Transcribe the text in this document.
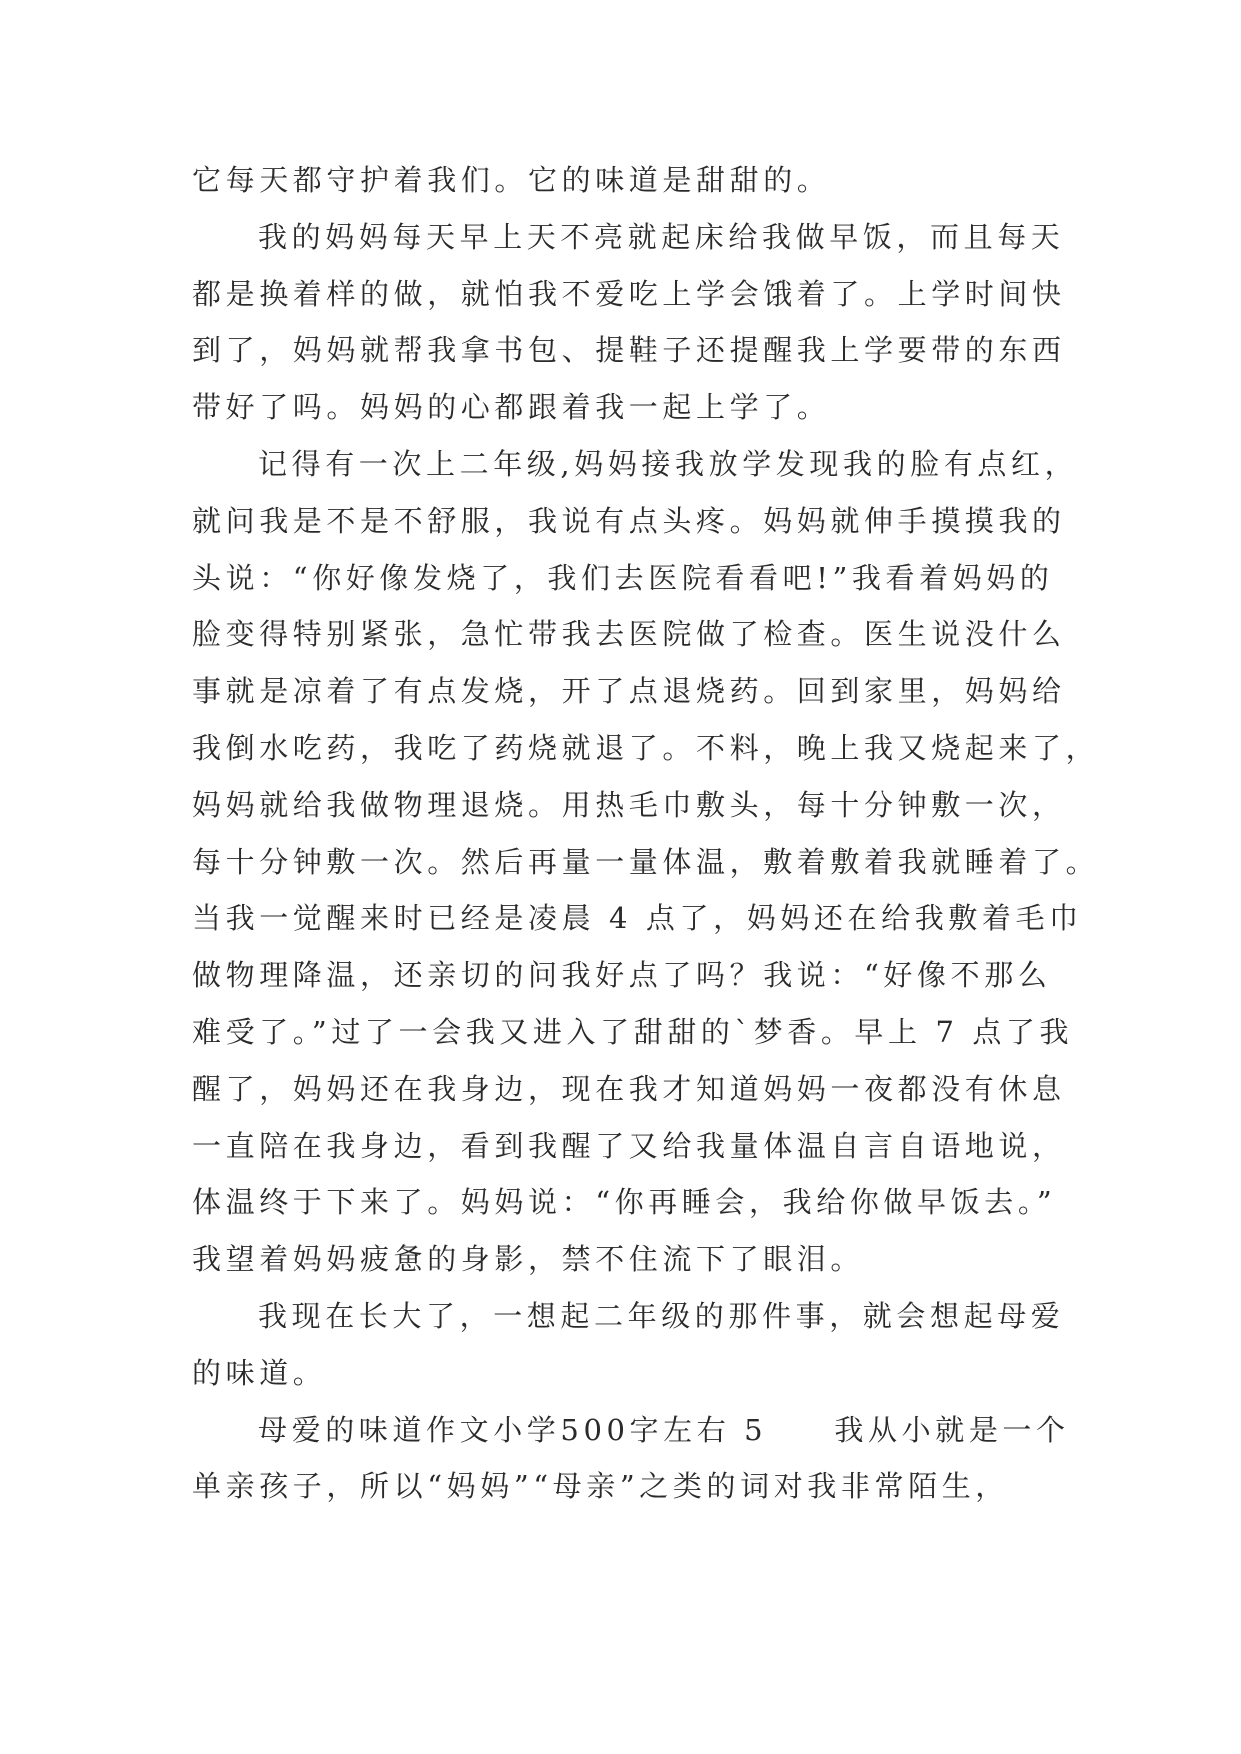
它每天都守护着我们。它的味道是甜甜的。
我的妈妈每天早上天不亮就起床给我做早饭，而且每天
都是换着样的做，就怕我不爱吃上学会饿着了。上学时间快
到了，妈妈就帮我拿书包、提鞋子还提醒我上学要带的东西
带好了吗。妈妈的心都跟着我一起上学了。
记得有一次上二年级,妈妈接我放学发现我的脸有点红，
就问我是不是不舒服，我说有点头疼。妈妈就伸手摸摸我的
头说：“你好像发烧了，我们去医院看看吧!”我看着妈妈的
脸变得特别紧张，急忙带我去医院做了检查。医生说没什么
事就是凉着了有点发烧，开了点退烧药。回到家里，妈妈给
我倒水吃药，我吃了药烧就退了。不料，晚上我又烧起来了，
妈妈就给我做物理退烧。用热毛巾敷头，每十分钟敷一次，
每十分钟敷一次。然后再量一量体温，敷着敷着我就睡着了。
当我一觉醒来时已经是凌晨 4 点了，妈妈还在给我敷着毛巾
做物理降温，还亲切的问我好点了吗？我说：“好像不那么
难受了。”过了一会我又进入了甜甜的`梦香。早上 7 点了我
醒了，妈妈还在我身边，现在我才知道妈妈一夜都没有休息
一直陪在我身边，看到我醒了又给我量体温自言自语地说，
体温终于下来了。妈妈说：“你再睡会，我给你做早饭去。”
我望着妈妈疲惫的身影，禁不住流下了眼泪。
我现在长大了，一想起二年级的那件事，就会想起母爱
的味道。
母爱的味道作文小学500字左右 5　　我从小就是一个
单亲孩子，所以“妈妈”“母亲”之类的词对我非常陌生，
